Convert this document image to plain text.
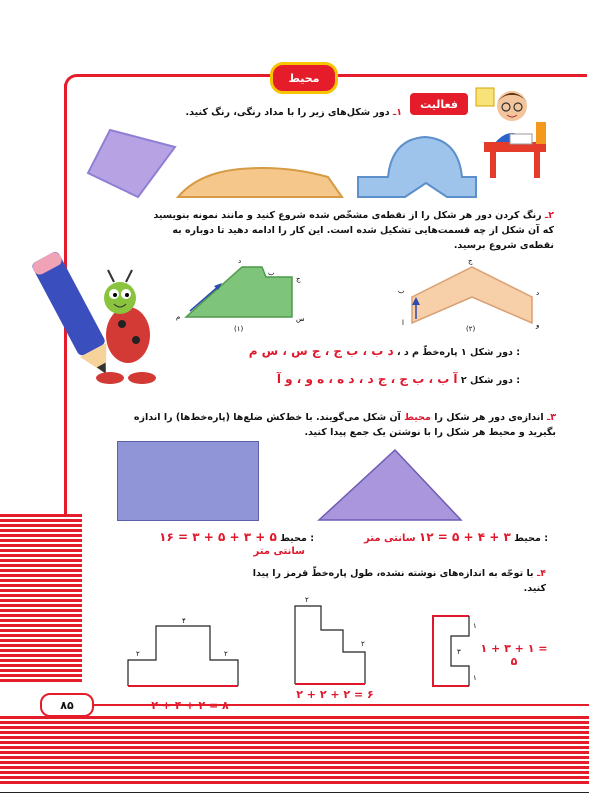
محیط
فعالیت
۱ـ دور شکل‌های زیر را با مداد رنگی، رنگ کنید.
۲ـ رنگ کردن دور هر شکل را از نقطه‌ی مشخّص شده شروع کنید و مانند نمونه بنویسید که آن شکل از چه قسمت‌هایی تشکیل شده است. این کار را ادامه دهید تا دوباره به نقطه‌ی شروع برسید.
م
د
ب
ج
س
(۱)
ا
ب
ج
د
و
(۲)
: دور شکل ۱ پاره‌خطّ م د ، د ب ، ب ج ، ج س ، س م
: دور شکل ۲ آ ب ، ب ج ، ج د ، د ه ، ه و ، و آ
۳ـ اندازه‌ی دور هر شکل را محیط آن شکل می‌گویند. با خط‌کش ضلع‌ها (پاره‌خط‌ها) را اندازه بگیرید و محیط هر شکل را با نوشتن یک جمع پیدا کنید.
: محیط ۵ + ۳ + ۵ + ۳ = ۱۶
سانتی متر
: محیط ۳ + ۴ + ۵ = ۱۲ سانتی متر
۴ـ با توجّه به اندازه‌های نوشته نشده، طول پاره‌خطّ قرمز را پیدا کنید.
۴
۲	۲
۲
۲
۲ + ۲ + ۲ = ۶
۱
۳
۱
۱ + ۳ + ۱ = ۵
۸۵
